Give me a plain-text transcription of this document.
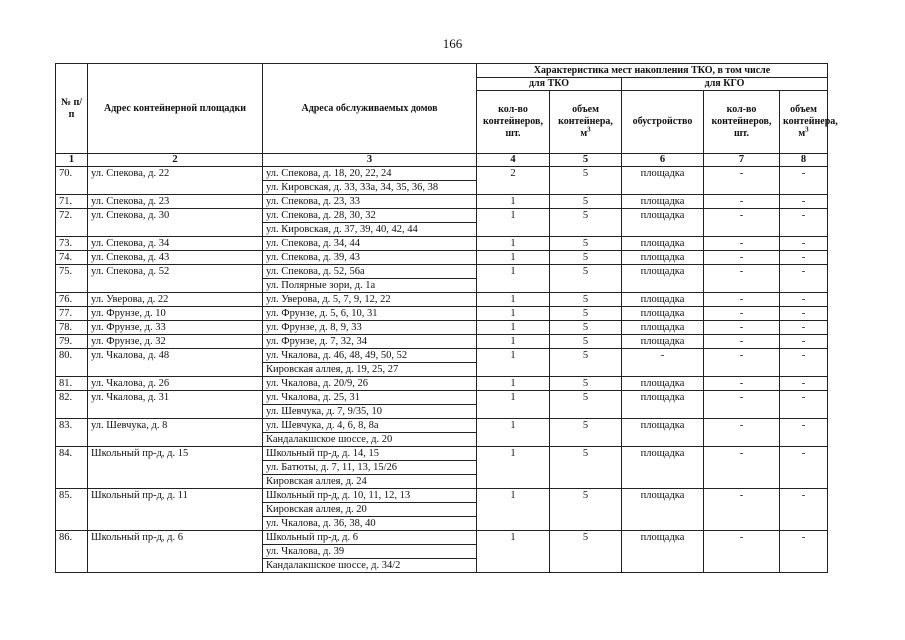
166
№ п/п	Адрес контейнерной площадки	Адреса обслуживаемых домов	Характеристика мест накопления ТКО, в том числе				
			для ТКО		для КГО		
			кол-во контейнеров, шт.	объем контейнера, $м^3$	обустройство	кол-во контейнеров, шт.	объем контейнера, $м^3$
1	2	3	4	5	6	7	8
70.	ул. Спекова, д. 22	ул. Спекова, д. 18, 20, 22, 24	2	5	площадка	-	-
		ул. Кировская, д. 33, 33а, 34, 35, 36, 38					
71.	ул. Спекова, д. 23	ул. Спекова, д. 23, 33	1	5	площадка	-	-
72.	ул. Спекова, д. 30	ул. Спекова, д. 28, 30, 32	1	5	площадка	-	-
		ул. Кировская, д. 37, 39, 40, 42, 44					
73.	ул. Спекова, д. 34	ул. Спекова, д. 34, 44	1	5	площадка	-	-
74.	ул. Спекова, д. 43	ул. Спекова, д. 39, 43	1	5	площадка	-	-
75.	ул. Спекова, д. 52	ул. Спекова, д. 52, 56а	1	5	площадка	-	-
		ул. Полярные зори, д. 1а					
76.	ул. Уверова, д. 22	ул. Уверова, д. 5, 7, 9, 12, 22	1	5	площадка	-	-
77.	ул. Фрунзе, д. 10	ул. Фрунзе, д. 5, 6, 10, 31	1	5	площадка	-	-
78.	ул. Фрунзе, д. 33	ул. Фрунзе, д. 8, 9, 33	1	5	площадка	-	-
79.	ул. Фрунзе, д. 32	ул. Фрунзе, д. 7, 32, 34	1	5	площадка	-	-
80.	ул. Чкалова, д. 48	ул. Чкалова, д. 46, 48, 49, 50, 52	1	5	-	-	-
		Кировская аллея, д. 19, 25, 27					
81.	ул. Чкалова, д. 26	ул. Чкалова, д. 20/9, 26	1	5	площадка	-	-
82.	ул. Чкалова, д. 31	ул. Чкалова, д. 25, 31	1	5	площадка	-	-
		ул. Шевчука, д. 7, 9/35, 10					
83.	ул. Шевчука, д. 8	ул. Шевчука, д. 4, 6, 8, 8а	1	5	площадка	-	-
		Кандалакшское шоссе, д. 20					
84.	Школьный пр-д, д. 15	Школьный пр-д, д. 14, 15	1	5	площадка	-	-
		ул. Батюты, д. 7, 11, 13, 15/26					
		Кировская аллея, д. 24					
85.	Школьный пр-д, д. 11	Школьный пр-д, д. 10, 11, 12, 13	1	5	площадка	-	-
		Кировская аллея, д. 20					
		ул. Чкалова, д. 36, 38, 40					
86.	Школьный пр-д, д. 6	Школьный пр-д, д. 6	1	5	площадка	-	-
		ул. Чкалова, д. 39					
		Кандалакшское шоссе, д. 34/2					
